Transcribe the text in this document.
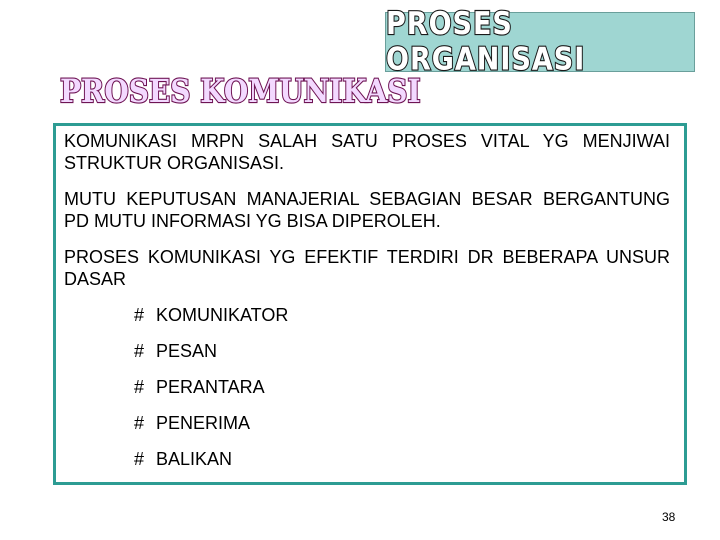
PROSES ORGANISASI
PROSES KOMUNIKASI

KOMUNIKASI MRPN SALAH SATU PROSES VITAL YG MENJIWAI STRUKTUR ORGANISASI.

MUTU KEPUTUSAN MANAJERIAL SEBAGIAN BESAR BERGANTUNG PD MUTU INFORMASI YG BISA DIPEROLEH.

PROSES KOMUNIKASI YG EFEKTIF TERDIRI DR BEBERAPA UNSUR DASAR

# KOMUNIKATOR
# PESAN
# PERANTARA
# PENERIMA
# BALIKAN
38
